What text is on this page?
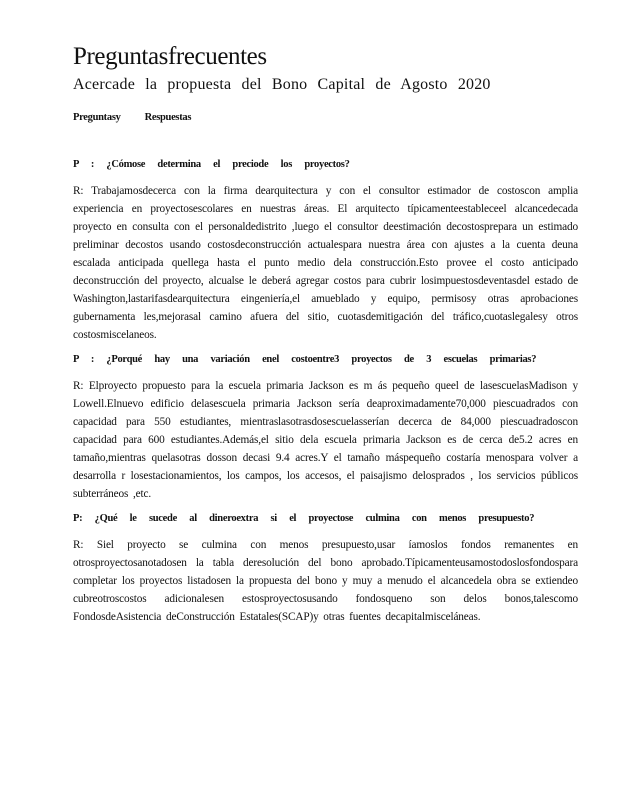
Preguntasfrecuentes
Acercade la propuesta del Bono Capital de Agosto 2020
Preguntasy Respuestas

P : ¿Cómose determina el preciode los proyectos?

R: Trabajamosdecerca con la firma dearquitectura y con el consultor estimador de costoscon amplia experiencia en proyectosescolares en nuestras áreas. El arquitecto típicamenteestableceel alcancedecada proyecto en consulta con el personaldedistrito ,luego el consultor deestimación decostosprepara un estimado preliminar decostos usando costosdeconstrucción actualespara nuestra área con ajustes a la cuenta deuna escalada anticipada quellega hasta el punto medio dela construcción.Esto provee el costo anticipado deconstrucción del proyecto, alcualse le deberá agregar costos para cubrir losimpuestosdeventasdel estado de Washington,lastarifasdearquitectura eingeniería,el amueblado y equipo, permisosy otras aprobaciones gubernamenta les,mejorasal camino afuera del sitio, cuotasdemitigación del tráfico,cuotaslegalesy otros costosmiscelaneos.

P : ¿Porqué hay una variación enel costoentre3 proyectos de 3 escuelas primarias?

R: Elproyecto propuesto para la escuela primaria Jackson es m ás pequeño queel de lasescuelasMadison y Lowell.Elnuevo edificio delasescuela primaria Jackson sería deaproximadamente70,000 piescuadrados con capacidad para 550 estudiantes, mientraslasotrasdosescuelasserían decerca de 84,000 piescuadradoscon capacidad para 600 estudiantes.Además,el sitio dela escuela primaria Jackson es de cerca de5.2 acres en tamaño,mientras quelasotras dosson decasi 9.4 acres.Y el tamaño máspequeño costaría menospara volver a desarrolla r losestacionamientos, los campos, los accesos, el paisajismo delosprados , los servicios públicos subterráneos ,etc.

P: ¿Qué le sucede al dineroextra si el proyectose culmina con menos presupuesto?

R: Siel proyecto se culmina con menos presupuesto,usar íamoslos fondos remanentes en otrosproyectosanotadosen la tabla deresolución del bono aprobado.Típicamenteusamostodoslosfondospara completar los proyectos listadosen la propuesta del bono y muy a menudo el alcancedela obra se extiendeo cubreotroscostos adicionalesen estosproyectosusando fondosqueno son delos bonos,talescomo FondosdeAsistencia deConstrucción Estatales(SCAP)y otras fuentes decapitalmisceláneas.
